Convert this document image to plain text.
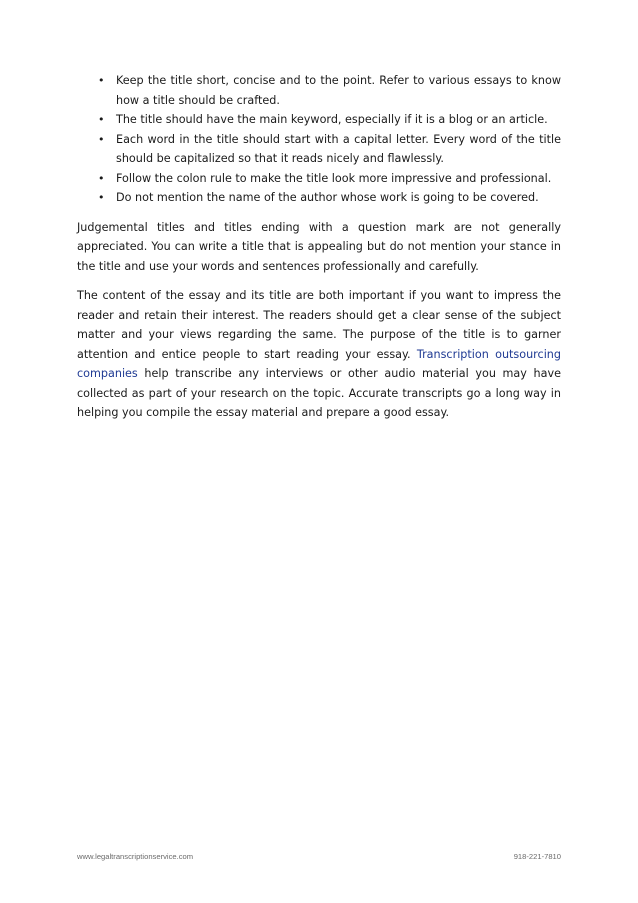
• Keep the title short, concise and to the point. Refer to various essays to know how a title should be crafted.
• The title should have the main keyword, especially if it is a blog or an article.
• Each word in the title should start with a capital letter. Every word of the title should be capitalized so that it reads nicely and flawlessly.
• Follow the colon rule to make the title look more impressive and professional.
• Do not mention the name of the author whose work is going to be covered.

Judgemental titles and titles ending with a question mark are not generally appreciated. You can write a title that is appealing but do not mention your stance in the title and use your words and sentences professionally and carefully.

The content of the essay and its title are both important if you want to impress the reader and retain their interest. The readers should get a clear sense of the subject matter and your views regarding the same. The purpose of the title is to garner attention and entice people to start reading your essay. Transcription outsourcing companies help transcribe any interviews or other audio material you may have collected as part of your research on the topic. Accurate transcripts go a long way in helping you compile the essay material and prepare a good essay.

www.legaltranscriptionservice.com	918-221-7810
